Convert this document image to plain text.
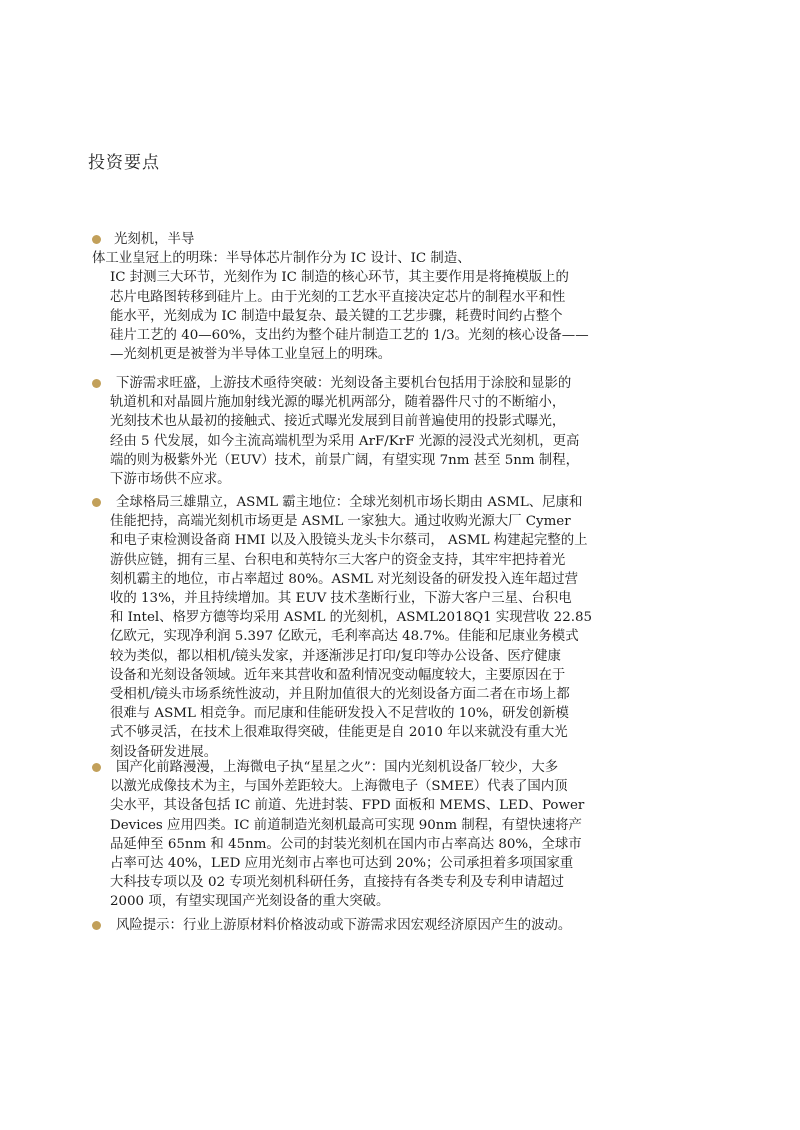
投资要点
光刻机，半导
体工业皇冠上的明珠：半导体芯片制作分为 IC 设计、IC 制造、
IC 封测三大环节，光刻作为 IC 制造的核心环节，其主要作用是将掩模版上的
芯片电路图转移到硅片上。由于光刻的工艺水平直接决定芯片的制程水平和性
能水平，光刻成为 IC 制造中最复杂、最关键的工艺步骤，耗费时间约占整个
硅片工艺的 40—60%，支出约为整个硅片制造工艺的 1/3。光刻的核心设备——
—光刻机更是被誉为半导体工业皇冠上的明珠。
下游需求旺盛，上游技术亟待突破：光刻设备主要机台包括用于涂胶和显影的
轨道机和对晶圆片施加射线光源的曝光机两部分，随着器件尺寸的不断缩小，
光刻技术也从最初的接触式、接近式曝光发展到目前普遍使用的投影式曝光，
经由 5 代发展，如今主流高端机型为采用 ArF/KrF 光源的浸没式光刻机，更高
端的则为极紫外光（EUV）技术，前景广阔，有望实现 7nm 甚至 5nm 制程，
下游市场供不应求。
全球格局三雄鼎立，ASML 霸主地位：全球光刻机市场长期由 ASML、尼康和
佳能把持，高端光刻机市场更是 ASML 一家独大。通过收购光源大厂 Cymer
和电子束检测设备商 HMI 以及入股镜头龙头卡尔蔡司， ASML 构建起完整的上
游供应链，拥有三星、台积电和英特尔三大客户的资金支持，其牢牢把持着光
刻机霸主的地位，市占率超过 80%。ASML 对光刻设备的研发投入连年超过营
收的 13%，并且持续增加。其 EUV 技术垄断行业，下游大客户三星、台积电
和 Intel、格罗方德等均采用 ASML 的光刻机，ASML2018Q1 实现营收 22.85
亿欧元，实现净利润 5.397 亿欧元，毛利率高达 48.7%。佳能和尼康业务模式
较为类似，都以相机/镜头发家，并逐渐涉足打印/复印等办公设备、医疗健康
设备和光刻设备领域。近年来其营收和盈利情况变动幅度较大，主要原因在于
受相机/镜头市场系统性波动，并且附加值很大的光刻设备方面二者在市场上都
很难与 ASML 相竞争。而尼康和佳能研发投入不足营收的 10%，研发创新模
式不够灵活，在技术上很难取得突破，佳能更是自 2010 年以来就没有重大光
刻设备研发进展。
国产化前路漫漫，上海微电子执“星星之火”：国内光刻机设备厂较少，大多
以激光成像技术为主，与国外差距较大。上海微电子（SMEE）代表了国内顶
尖水平，其设备包括 IC 前道、先进封装、FPD 面板和 MEMS、LED、Power
Devices 应用四类。IC 前道制造光刻机最高可实现 90nm 制程，有望快速将产
品延伸至 65nm 和 45nm。公司的封装光刻机在国内市占率高达 80%，全球市
占率可达 40%，LED 应用光刻市占率也可达到 20%；公司承担着多项国家重
大科技专项以及 02 专项光刻机科研任务，直接持有各类专利及专利申请超过
2000 项，有望实现国产光刻设备的重大突破。
风险提示：行业上游原材料价格波动或下游需求因宏观经济原因产生的波动。
